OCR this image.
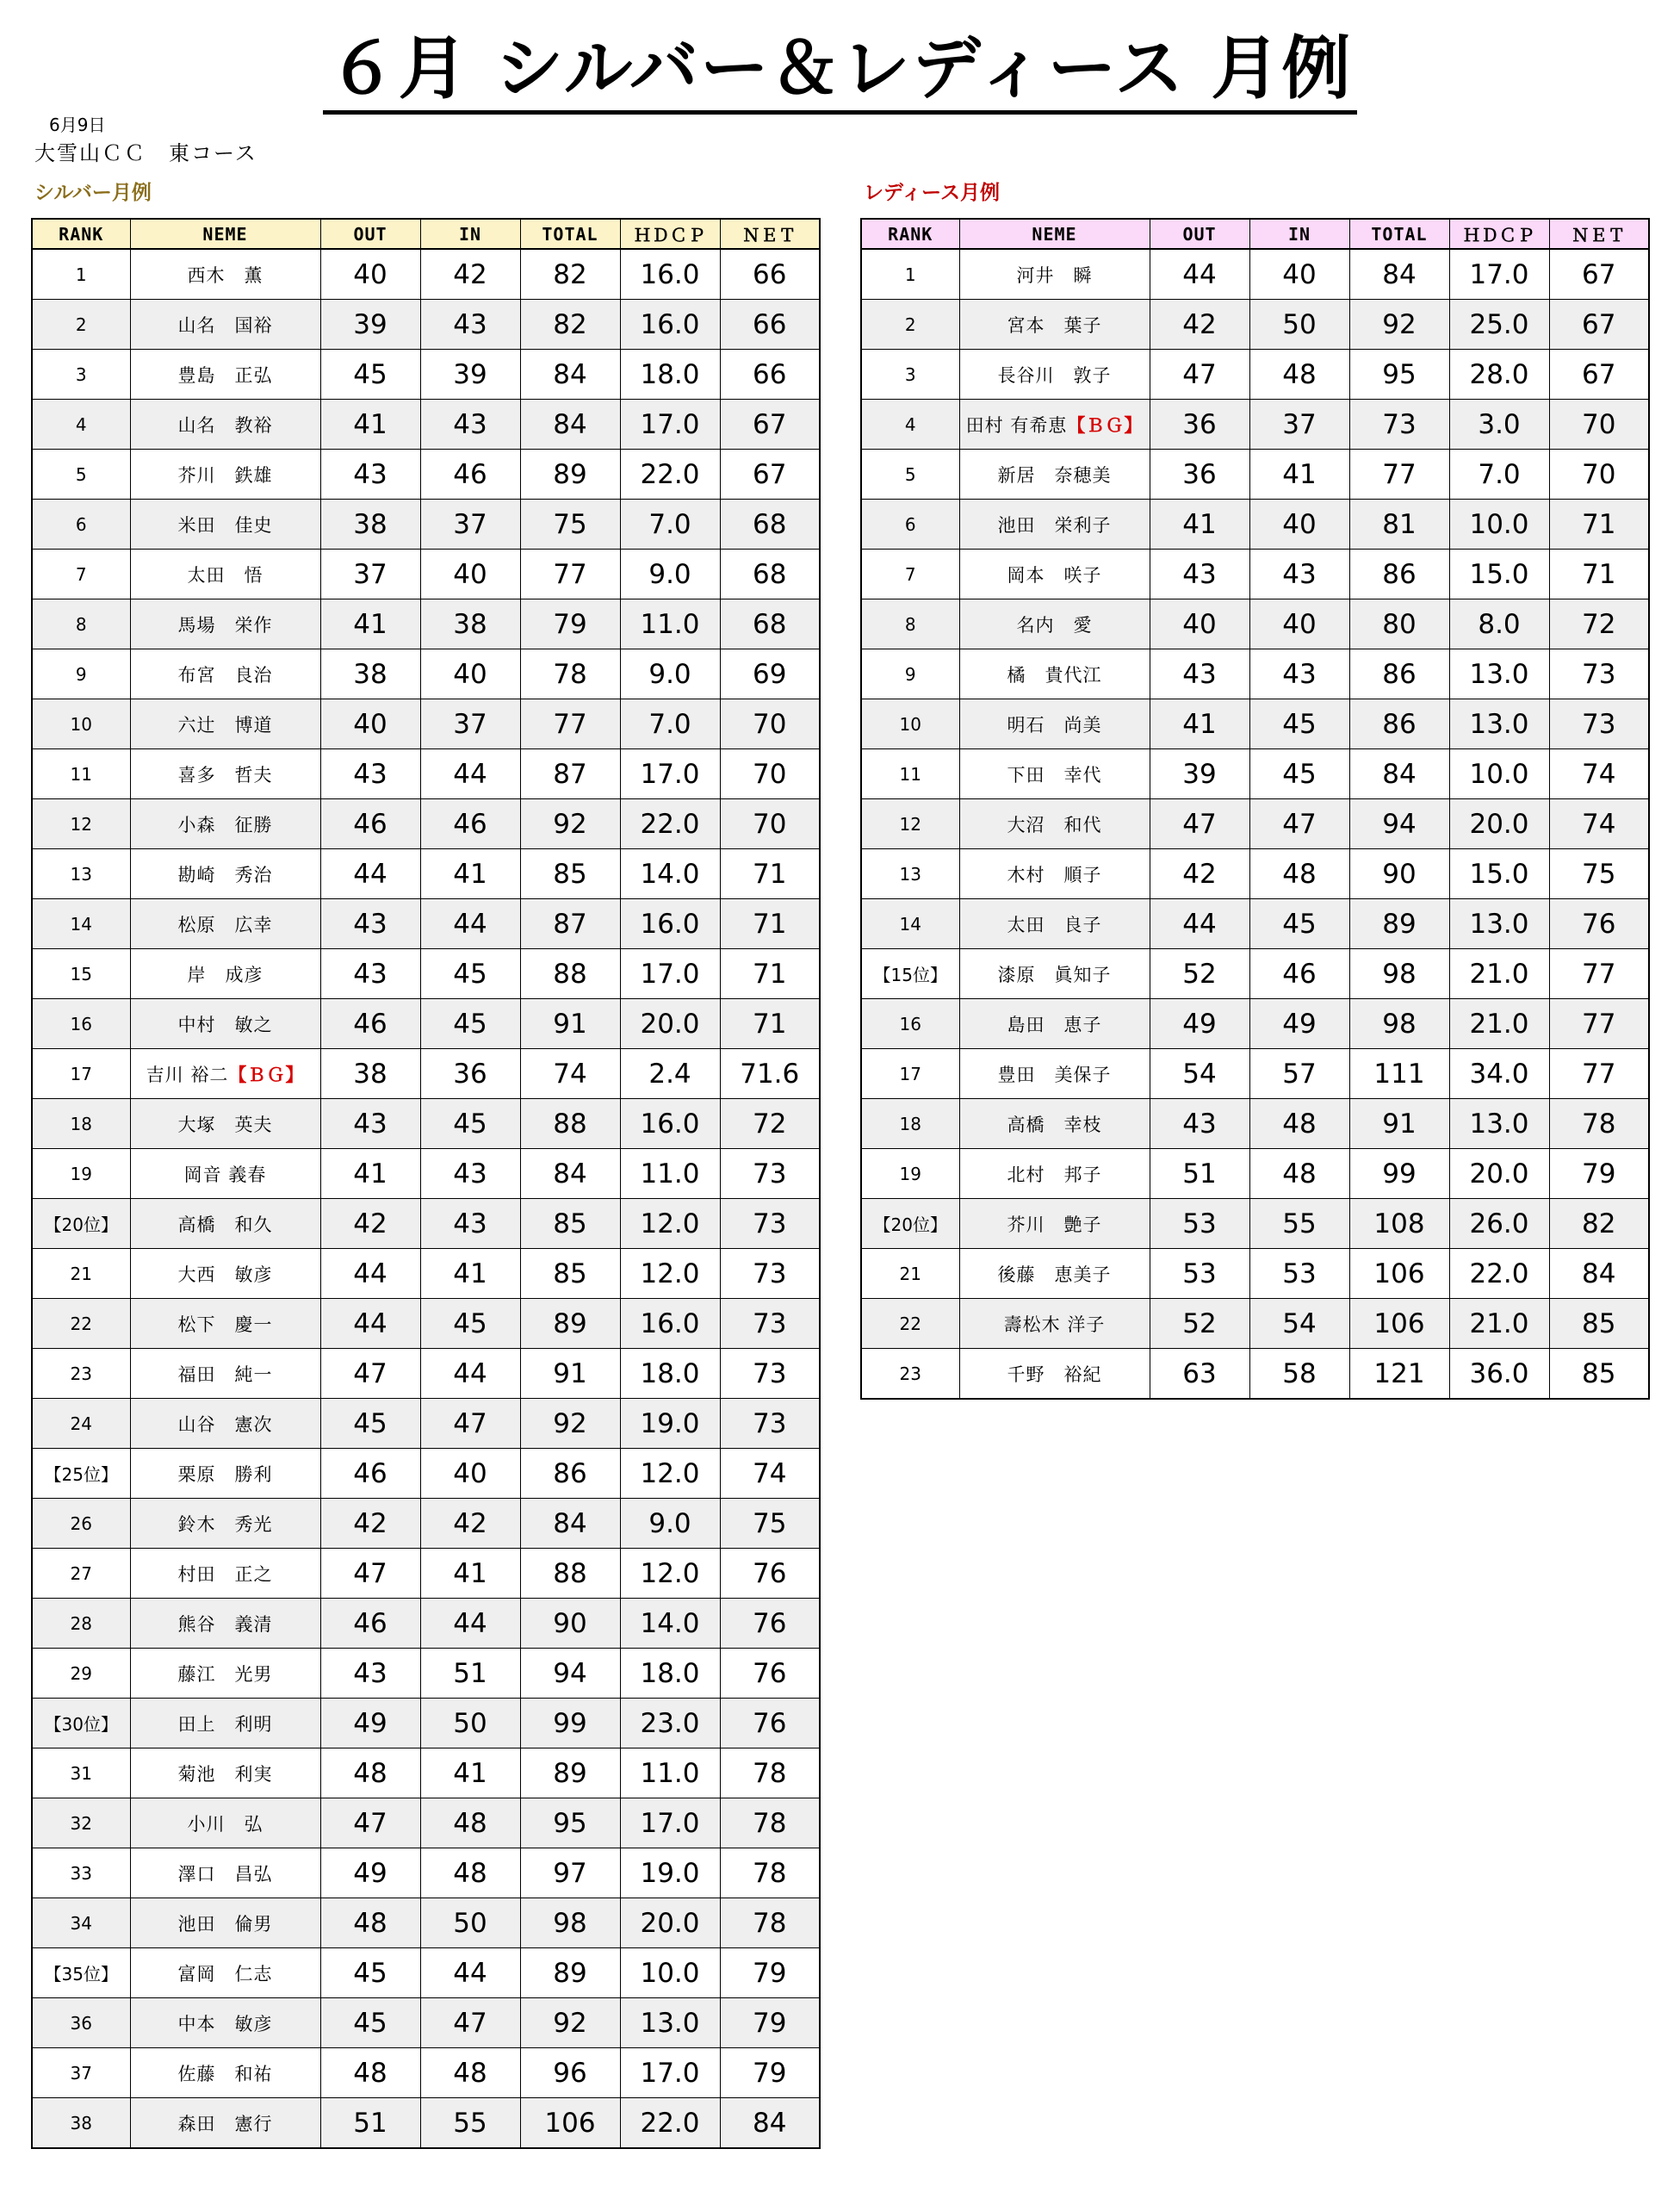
６月 シルバー＆レディース 月例
6月9日
大雪山ＣＣ　東コース
シルバー月例	レディース月例
RANK	NEME	OUT	IN	TOTAL	ＨＤＣＰ	ＮＥＴ
1	西木　薫	40	42	82	16.0	66
2	山名　国裕	39	43	82	16.0	66
3	豊島　正弘	45	39	84	18.0	66
4	山名　教裕	41	43	84	17.0	67
5	芥川　鉄雄	43	46	89	22.0	67
6	米田　佳史	38	37	75	7.0	68
7	太田　悟	37	40	77	9.0	68
8	馬場　栄作	41	38	79	11.0	68
9	布宮　良治	38	40	78	9.0	69
10	六辻　博道	40	37	77	7.0	70
11	喜多　哲夫	43	44	87	17.0	70
12	小森　征勝	46	46	92	22.0	70
13	勘崎　秀治	44	41	85	14.0	71
14	松原　広幸	43	44	87	16.0	71
15	岸　成彦	43	45	88	17.0	71
16	中村　敏之	46	45	91	20.0	71
17	吉川 裕二【ＢＧ】	38	36	74	2.4	71.6
18	大塚　英夫	43	45	88	16.0	72
19	岡音 義春	41	43	84	11.0	73
【20位】	高橋　和久	42	43	85	12.0	73
21	大西　敏彦	44	41	85	12.0	73
22	松下　慶一	44	45	89	16.0	73
23	福田　純一	47	44	91	18.0	73
24	山谷　憲次	45	47	92	19.0	73
【25位】	栗原　勝利	46	40	86	12.0	74
26	鈴木　秀光	42	42	84	9.0	75
27	村田　正之	47	41	88	12.0	76
28	熊谷　義清	46	44	90	14.0	76
29	藤江　光男	43	51	94	18.0	76
【30位】	田上　利明	49	50	99	23.0	76
31	菊池　利実	48	41	89	11.0	78
32	小川　弘	47	48	95	17.0	78
33	澤口　昌弘	49	48	97	19.0	78
34	池田　倫男	48	50	98	20.0	78
【35位】	富岡　仁志	45	44	89	10.0	79
36	中本　敏彦	45	47	92	13.0	79
37	佐藤　和祐	48	48	96	17.0	79
38	森田　憲行	51	55	106	22.0	84
RANK	NEME	OUT	IN	TOTAL	ＨＤＣＰ	ＮＥＴ
1	河井　瞬	44	40	84	17.0	67
2	宮本　葉子	42	50	92	25.0	67
3	長谷川　敦子	47	48	95	28.0	67
4	田村 有希恵【ＢＧ】	36	37	73	3.0	70
5	新居　奈穂美	36	41	77	7.0	70
6	池田　栄利子	41	40	81	10.0	71
7	岡本　咲子	43	43	86	15.0	71
8	名内　愛	40	40	80	8.0	72
9	橘　貴代江	43	43	86	13.0	73
10	明石　尚美	41	45	86	13.0	73
11	下田　幸代	39	45	84	10.0	74
12	大沼　和代	47	47	94	20.0	74
13	木村　順子	42	48	90	15.0	75
14	太田　良子	44	45	89	13.0	76
【15位】	漆原　眞知子	52	46	98	21.0	77
16	島田　恵子	49	49	98	21.0	77
17	豊田　美保子	54	57	111	34.0	77
18	高橋　幸枝	43	48	91	13.0	78
19	北村　邦子	51	48	99	20.0	79
【20位】	芥川　艶子	53	55	108	26.0	82
21	後藤　恵美子	53	53	106	22.0	84
22	壽松木 洋子	52	54	106	21.0	85
23	千野　裕紀	63	58	121	36.0	85
